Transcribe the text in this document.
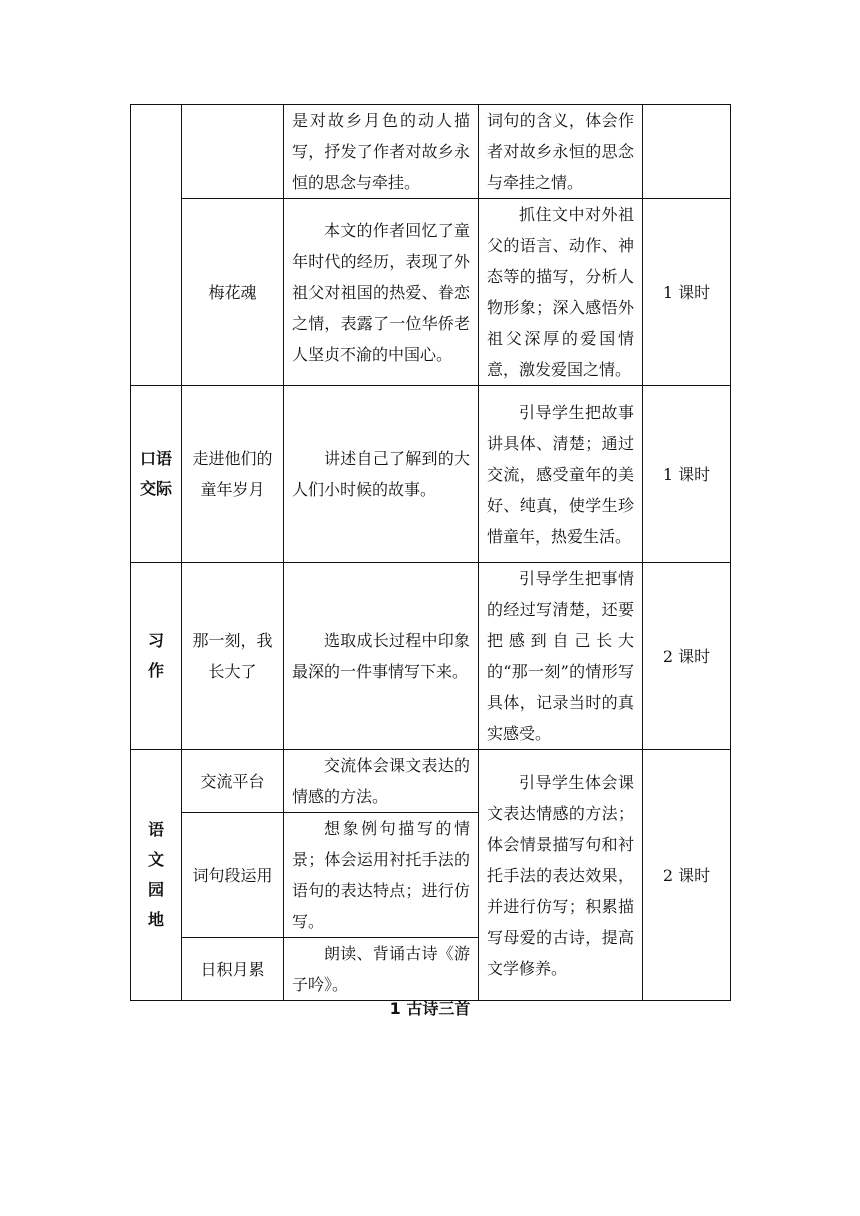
		是对故乡月色的动人描写，抒发了作者对故乡永恒的思念与牵挂。	词句的含义，体会作者对故乡永恒的思念与牵挂之情。	
	梅花魂	本文的作者回忆了童年时代的经历，表现了外祖父对祖国的热爱、眷恋之情，表露了一位华侨老人坚贞不渝的中国心。	抓住文中对外祖父的语言、动作、神态等的描写，分析人物形象；深入感悟外祖父深厚的爱国情意，激发爱国之情。	1 课时
口语交际	走进他们的童年岁月	讲述自己了解到的大人们小时候的故事。	引导学生把故事讲具体、清楚；通过交流，感受童年的美好、纯真，使学生珍惜童年，热爱生活。	1 课时
习作	那一刻，我长大了	选取成长过程中印象最深的一件事情写下来。	引导学生把事情的经过写清楚，还要把感到自己长大的“那一刻”的情形写具体，记录当时的真实感受。	2 课时
语文园地	交流平台	交流体会课文表达的情感的方法。	引导学生体会课文表达情感的方法；体会情景描写句和衬托手法的表达效果，并进行仿写；积累描写母爱的古诗，提高文学修养。	2 课时
	词句段运用	想象例句描写的情景；体会运用衬托手法的语句的表达特点；进行仿写。		
	日积月累	朗读、背诵古诗《游子吟》。		
1 古诗三首
